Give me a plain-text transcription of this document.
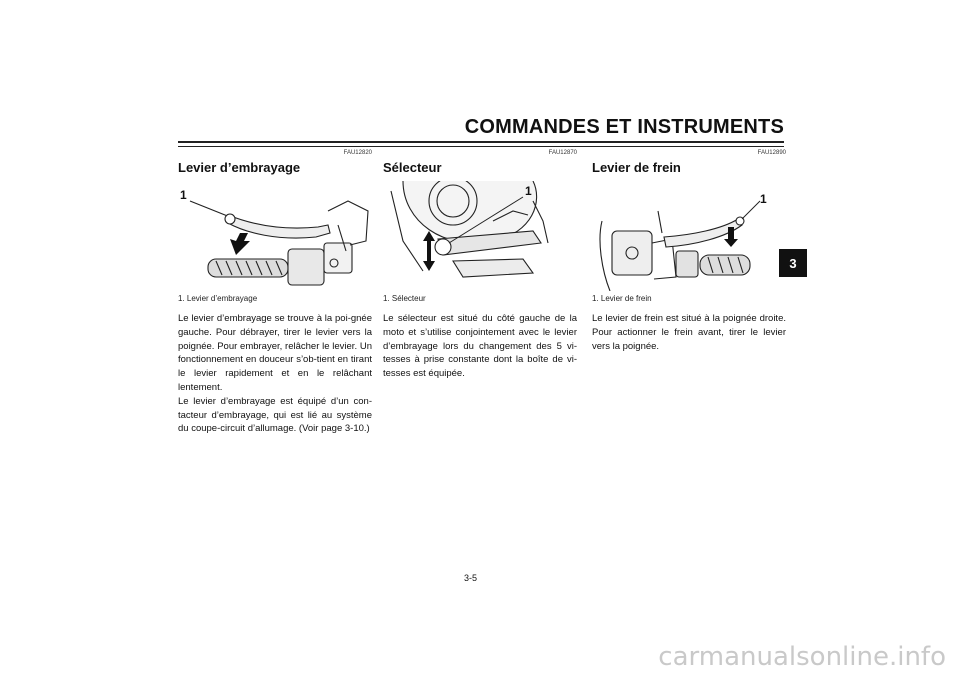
COMMANDES ET INSTRUMENTS
3
FAU12820
Levier d’embrayage
1
1. Levier d’embrayage

Le levier d’embrayage se trouve à la poi-gnée gauche. Pour débrayer, tirer le levier vers la poignée. Pour embrayer, relâcher le levier. Un fonctionnement en douceur s’ob-tient en tirant le levier rapidement et en le relâchant lentement.

Le levier d’embrayage est équipé d’un con-tacteur d’embrayage, qui est lié au système du coupe-circuit d’allumage. (Voir page 3-10.)

FAU12870
Sélecteur
1
1. Sélecteur

Le sélecteur est situé du côté gauche de la moto et s’utilise conjointement avec le levier d’embrayage lors du changement des 5 vi-tesses à prise constante dont la boîte de vi-tesses est équipée.

FAU12890
Levier de frein
1
1. Levier de frein

Le levier de frein est situé à la poignée droite. Pour actionner le frein avant, tirer le levier vers la poignée.

3-5
carmanualsonline.info
